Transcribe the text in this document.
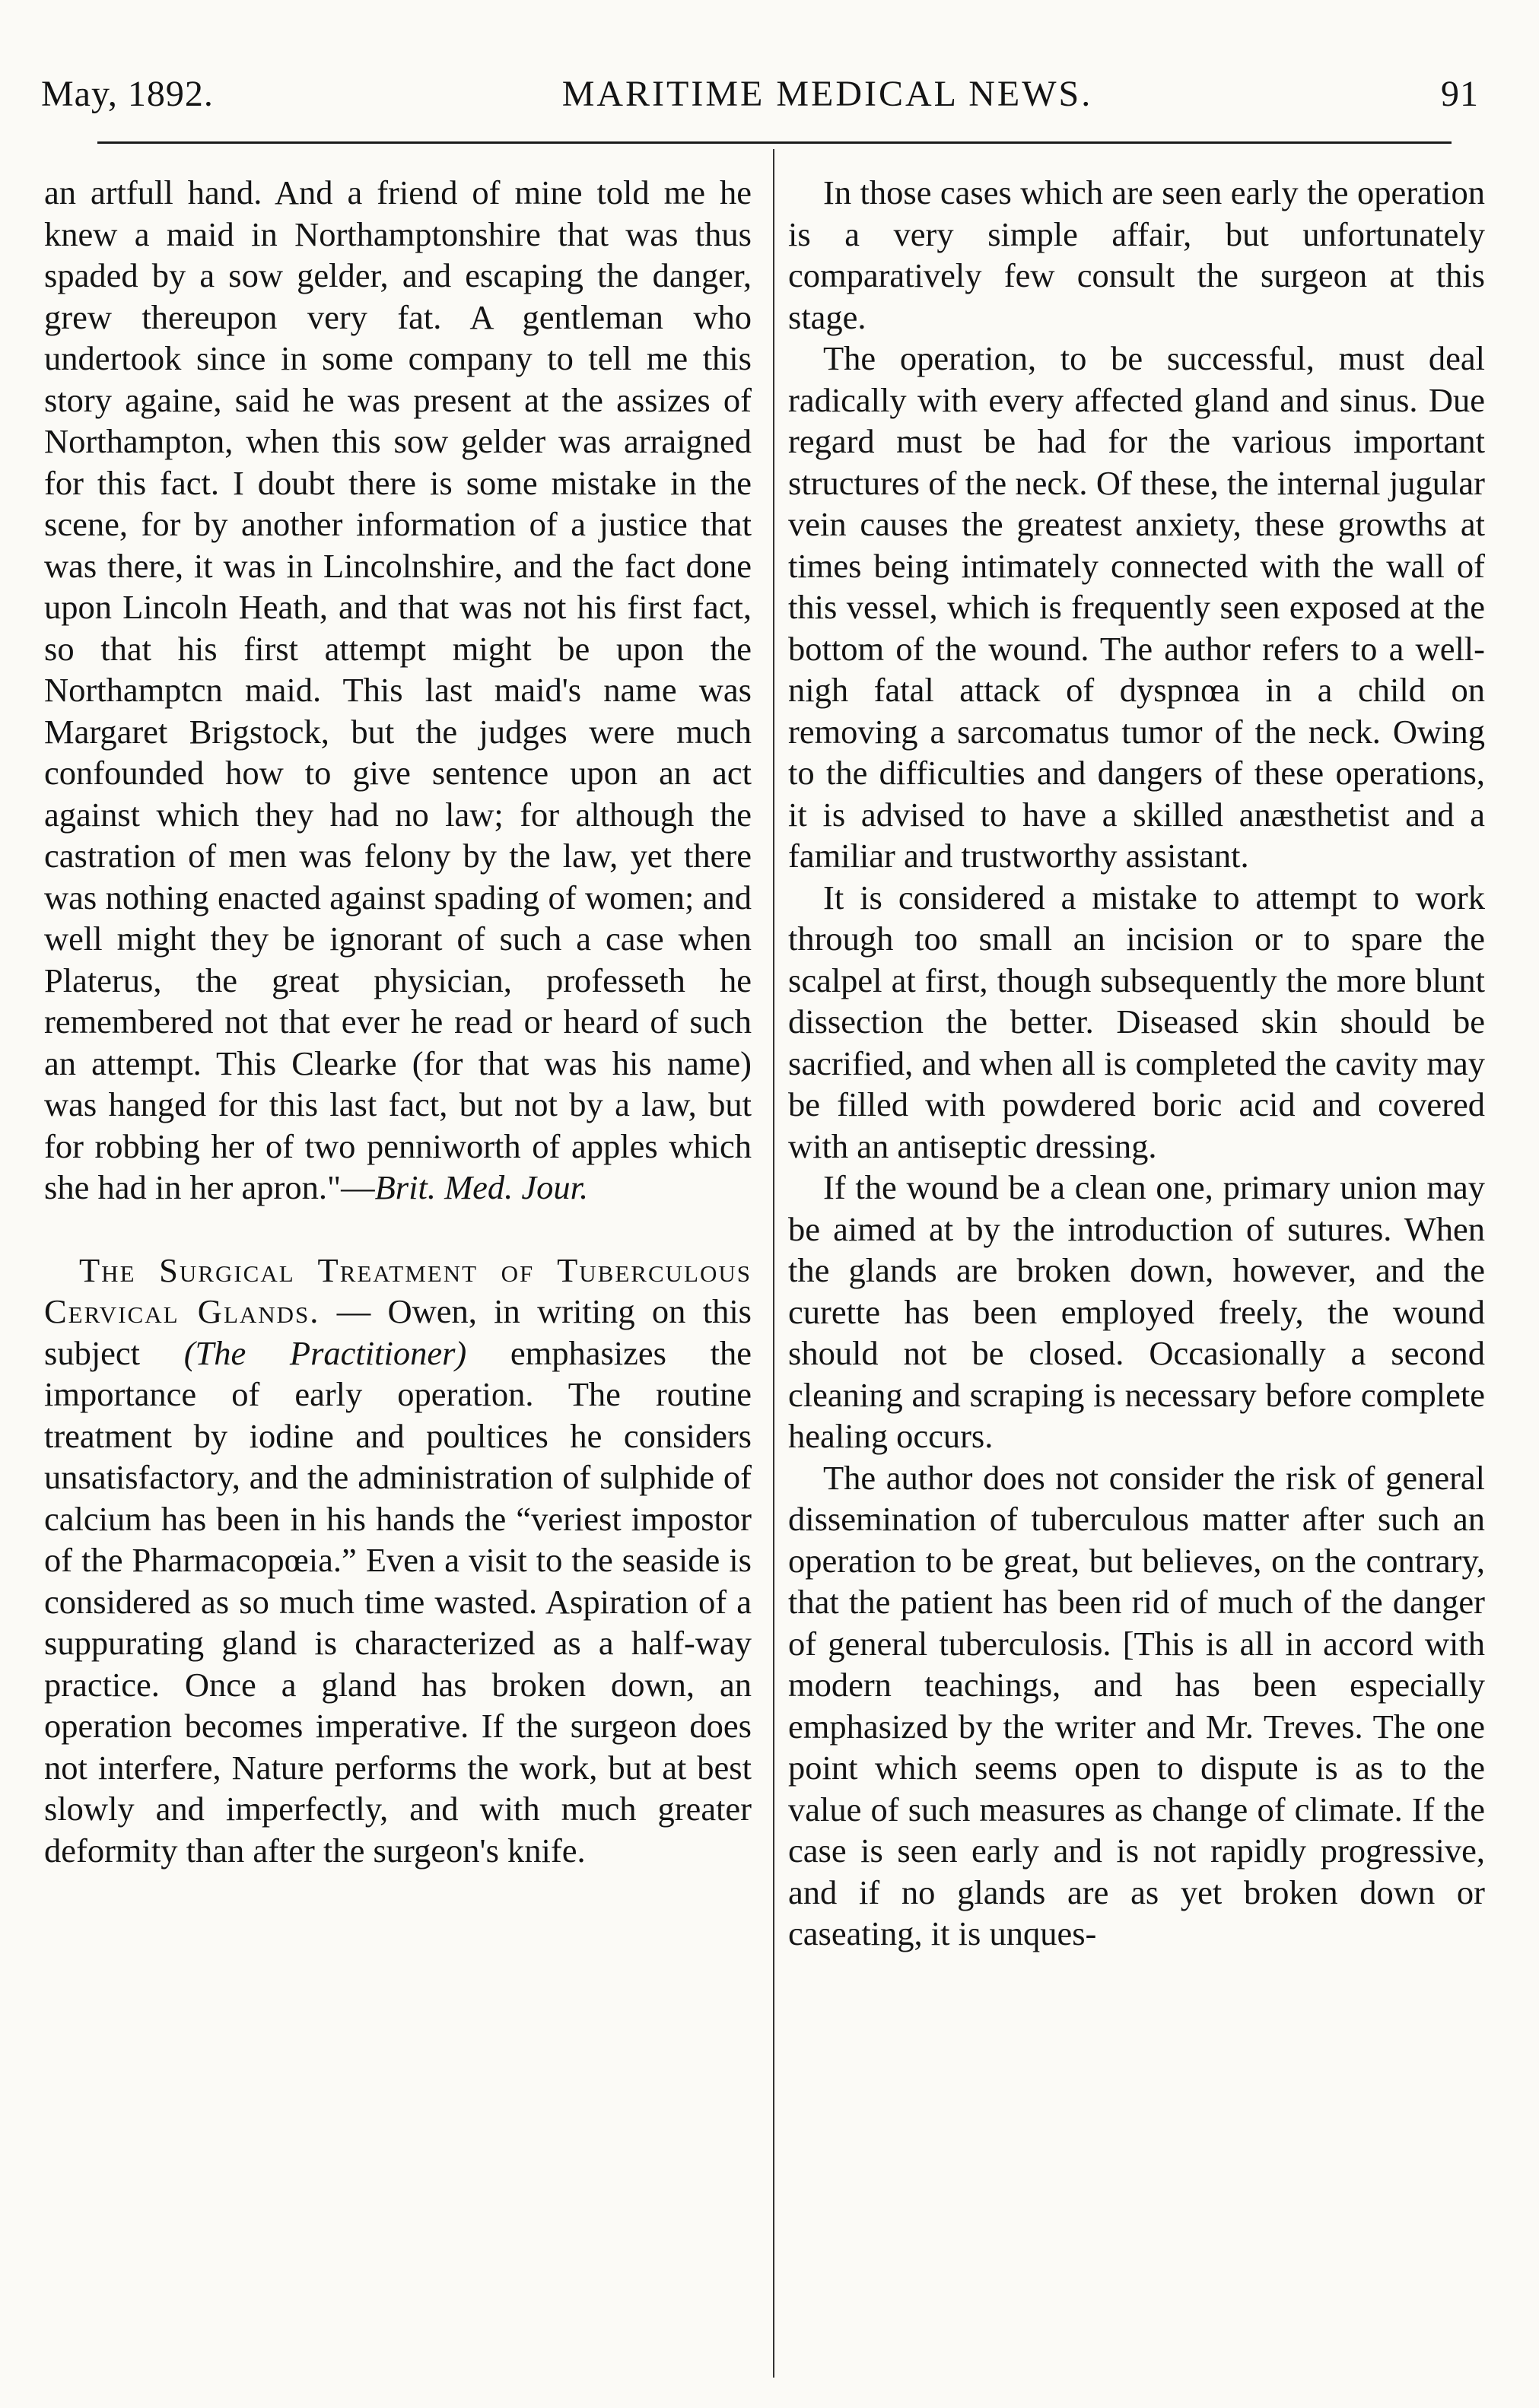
May, 1892.	MARITIME MEDICAL NEWS.	91

an artfull hand. And a friend of mine told me he knew a maid in Northamptonshire that was thus spaded by a sow gelder, and escaping the danger, grew thereupon very fat. A gentleman who undertook since in some company to tell me this story againe, said he was present at the assizes of Northampton, when this sow gelder was arraigned for this fact. I doubt there is some mistake in the scene, for by another information of a justice that was there, it was in Lincolnshire, and the fact done upon Lincoln Heath, and that was not his first fact, so that his first attempt might be upon the Northamptcn maid. This last maid's name was Margaret Brigstock, but the judges were much confounded how to give sentence upon an act against which they had no law; for although the castration of men was felony by the law, yet there was nothing enacted against spading of women; and well might they be ignorant of such a case when Platerus, the great physician, professeth he remembered not that ever he read or heard of such an attempt. This Clearke (for that was his name) was hanged for this last fact, but not by a law, but for robbing her of two penniworth of apples which she had in her apron."—Brit. Med. Jour.

The Surgical Treatment of Tuberculous Cervical Glands. — Owen, in writing on this subject (The Practitioner) emphasizes the importance of early operation. The routine treatment by iodine and poultices he considers unsatisfactory, and the administration of sulphide of calcium has been in his hands the “veriest impostor of the Pharmacopœia.” Even a visit to the seaside is considered as so much time wasted. Aspiration of a suppurating gland is characterized as a half-way practice. Once a gland has broken down, an operation becomes imperative. If the surgeon does not interfere, Nature performs the work, but at best slowly and imperfectly, and with much greater deformity than after the surgeon's knife.

In those cases which are seen early the operation is a very simple affair, but unfortunately comparatively few consult the surgeon at this stage.

The operation, to be successful, must deal radically with every affected gland and sinus. Due regard must be had for the various important structures of the neck. Of these, the internal jugular vein causes the greatest anxiety, these growths at times being intimately connected with the wall of this vessel, which is frequently seen exposed at the bottom of the wound. The author refers to a well-nigh fatal attack of dyspnœa in a child on removing a sarcomatus tumor of the neck. Owing to the difficulties and dangers of these operations, it is advised to have a skilled anæsthetist and a familiar and trustworthy assistant.

It is considered a mistake to attempt to work through too small an incision or to spare the scalpel at first, though subsequently the more blunt dissection the better. Diseased skin should be sacrified, and when all is completed the cavity may be filled with powdered boric acid and covered with an antiseptic dressing.

If the wound be a clean one, primary union may be aimed at by the introduction of sutures. When the glands are broken down, however, and the curette has been employed freely, the wound should not be closed. Occasionally a second cleaning and scraping is necessary before complete healing occurs.

The author does not consider the risk of general dissemination of tuberculous matter after such an operation to be great, but believes, on the contrary, that the patient has been rid of much of the danger of general tuberculosis. [This is all in accord with modern teachings, and has been especially emphasized by the writer and Mr. Treves. The one point which seems open to dispute is as to the value of such measures as change of climate. If the case is seen early and is not rapidly progressive, and if no glands are as yet broken down or caseating, it is unques-
